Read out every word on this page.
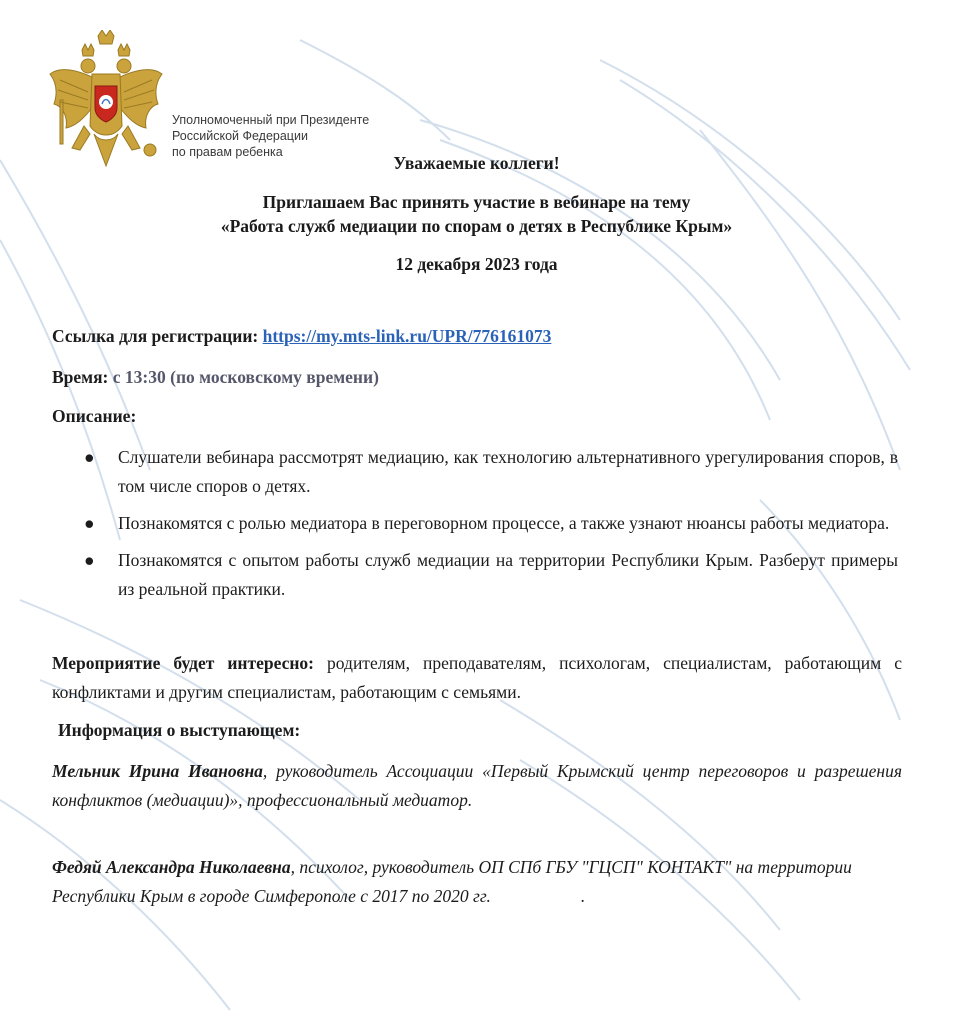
Уполномоченный при Президенте
Российской Федерации
по правам ребенка
Уважаемые коллеги!
Приглашаем Вас принять участие в вебинаре на тему
«Работа служб медиации по спорам о детях в Республике Крым»
12 декабря 2023 года
Ссылка для регистрации: https://my.mts-link.ru/UPR/776161073
Время: с 13:30 (по московскому времени)
Описание:
● Слушатели вебинара рассмотрят медиацию, как технологию альтернативного урегулирования споров, в том числе споров о детях.
● Познакомятся с ролью медиатора в переговорном процессе, а также узнают нюансы работы медиатора.
● Познакомятся с опытом работы служб медиации на территории Республики Крым. Разберут примеры из реальной практики.
Мероприятие будет интересно: родителям, преподавателям, психологам, специалистам, работающим с конфликтами и другим специалистам, работающим с семьями.
Информация о выступающем:
Мельник Ирина Ивановна, руководитель Ассоциации «Первый Крымский центр переговоров и разрешения конфликтов (медиации)», профессиональный медиатор.
Федяй Александра Николаевна, психолог, руководитель ОП СПб ГБУ "ГЦСП" КОНТАКТ" на территории Республики Крым в городе Симферополе с 2017 по 2020 гг.	.
